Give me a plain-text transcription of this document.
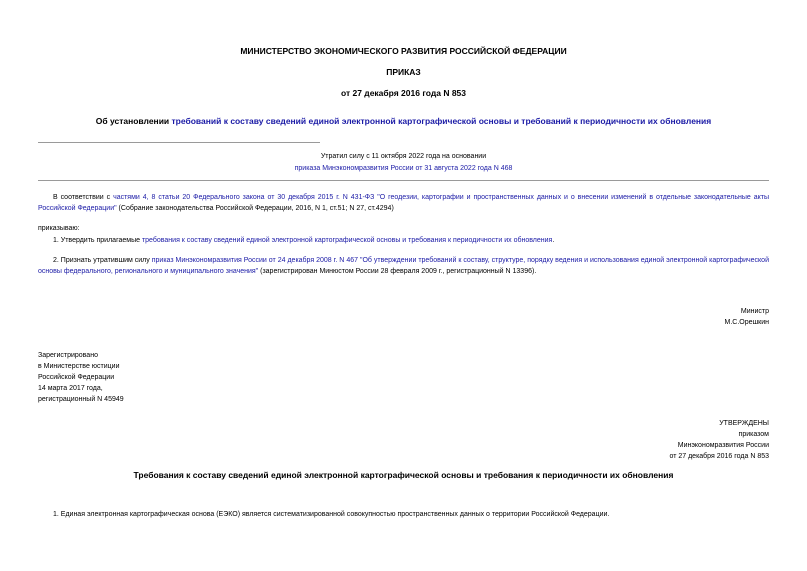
МИНИСТЕРСТВО ЭКОНОМИЧЕСКОГО РАЗВИТИЯ РОССИЙСКОЙ ФЕДЕРАЦИИ
ПРИКАЗ
от 27 декабря 2016 года N 853
Об установлении требований к составу сведений единой электронной картографической основы и требований к периодичности их обновления
Утратил силу с 11 октября 2022 года на основании
приказа Минэкономразвития России от 31 августа 2022 года N 468
В соответствии с частями 4, 8 статьи 20 Федерального закона от 30 декабря 2015 г. N 431-ФЗ "О геодезии, картографии и пространственных данных и о внесении изменений в отдельные законодательные акты Российской Федерации" (Собрание законодательства Российской Федерации, 2016, N 1, ст.51; N 27, ст.4294)
приказываю:
1. Утвердить прилагаемые требования к составу сведений единой электронной картографической основы и требования к периодичности их обновления.
2. Признать утратившим силу приказ Минэкономразвития России от 24 декабря 2008 г. N 467 "Об утверждении требований к составу, структуре, порядку ведения и использования единой электронной картографической основы федерального, регионального и муниципального значения" (зарегистрирован Минюстом России 28 февраля 2009 г., регистрационный N 13396).
Министр
М.С.Орешкин
Зарегистрировано
в Министерстве юстиции
Российской Федерации
14 марта 2017 года,
регистрационный N 45949
УТВЕРЖДЕНЫ
приказом
Минэкономразвития России
от 27 декабря 2016 года N 853
Требования к составу сведений единой электронной картографической основы и требования к периодичности их обновления
1. Единая электронная картографическая основа (ЕЭКО) является систематизированной совокупностью пространственных данных о территории Российской Федерации.
